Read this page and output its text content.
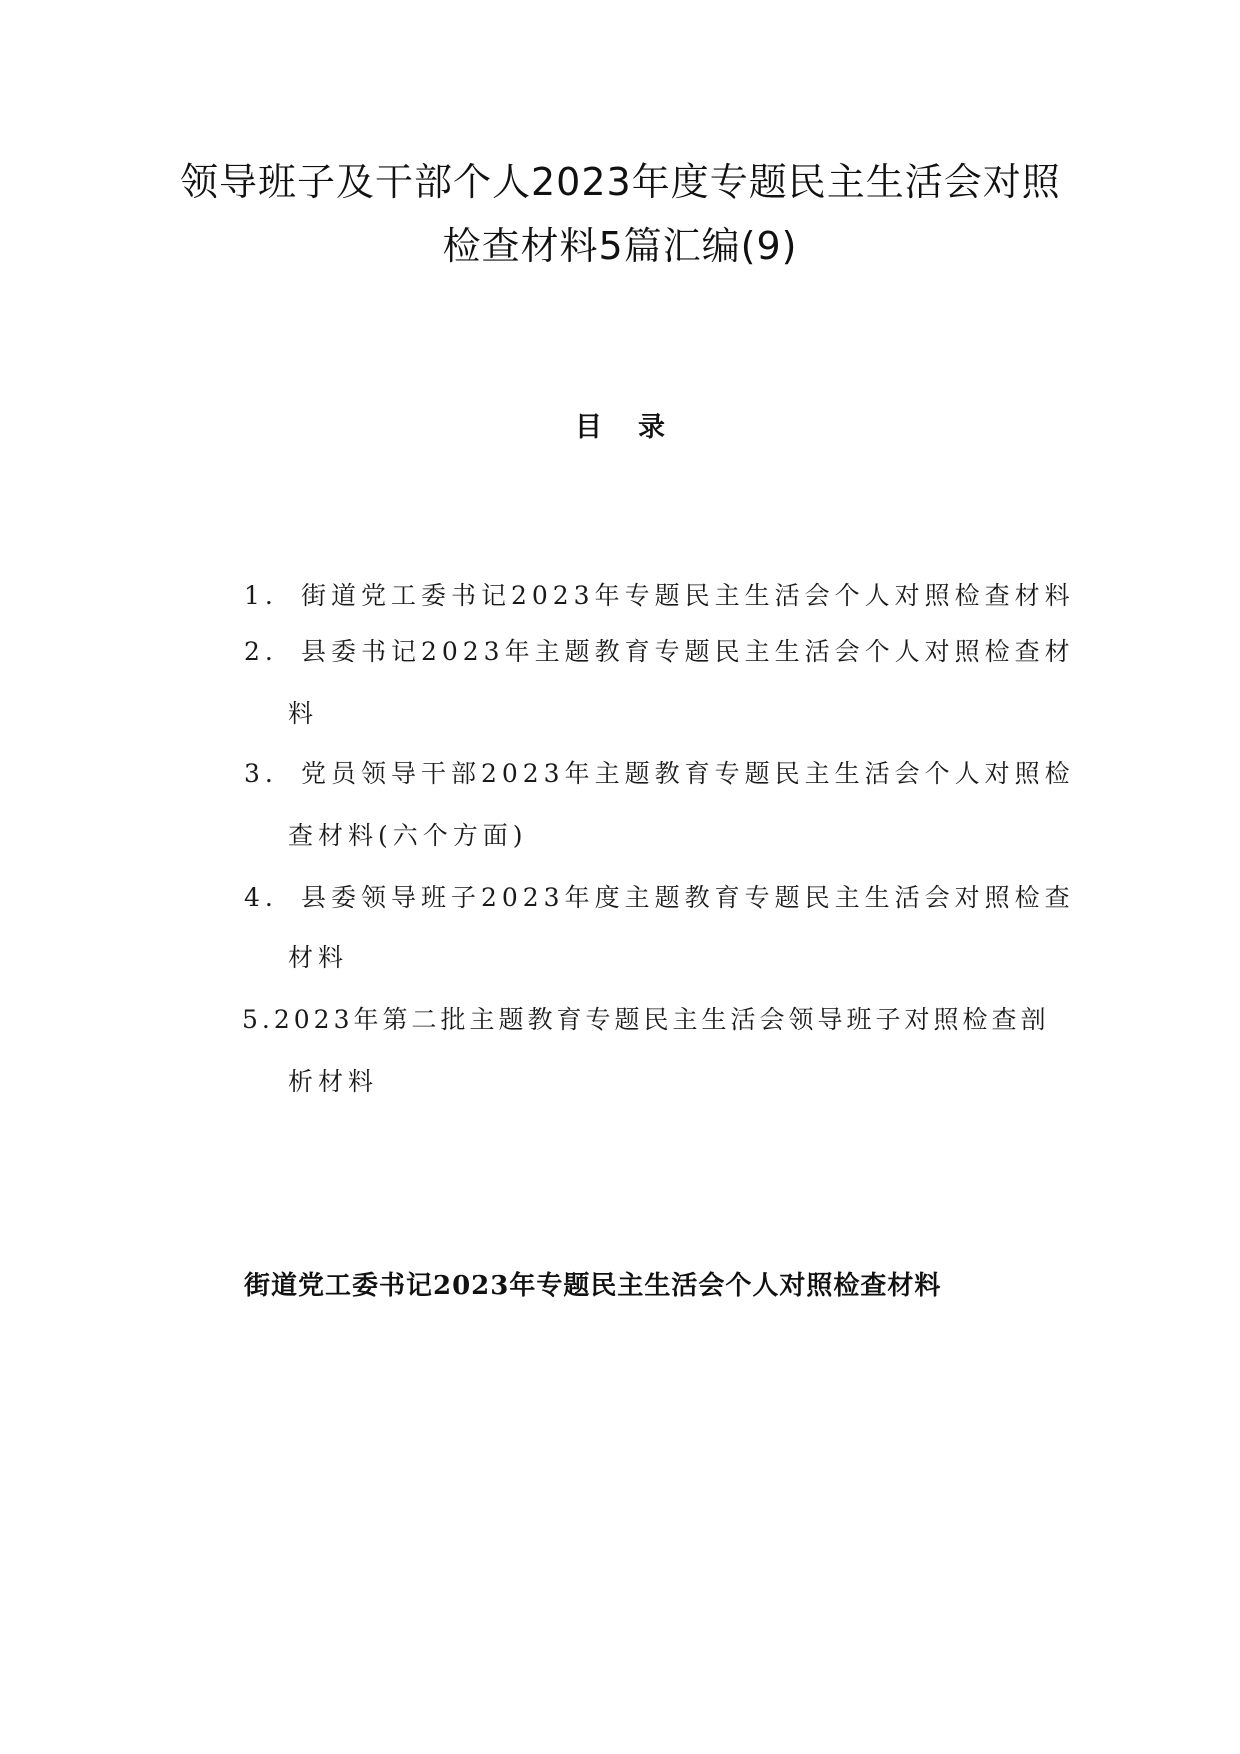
领导班子及干部个人2023年度专题民主生活会对照
检查材料5篇汇编(9)
目录
1. 街道党工委书记2023年专题民主生活会个人对照检查材料
2. 县委书记2023年主题教育专题民主生活会个人对照检查材
料
3. 党员领导干部2023年主题教育专题民主生活会个人对照检
查材料(六个方面)
4. 县委领导班子2023年度主题教育专题民主生活会对照检查
材料
5.2023年第二批主题教育专题民主生活会领导班子对照检查剖
析材料
街道党工委书记2023年专题民主生活会个人对照检查材料
